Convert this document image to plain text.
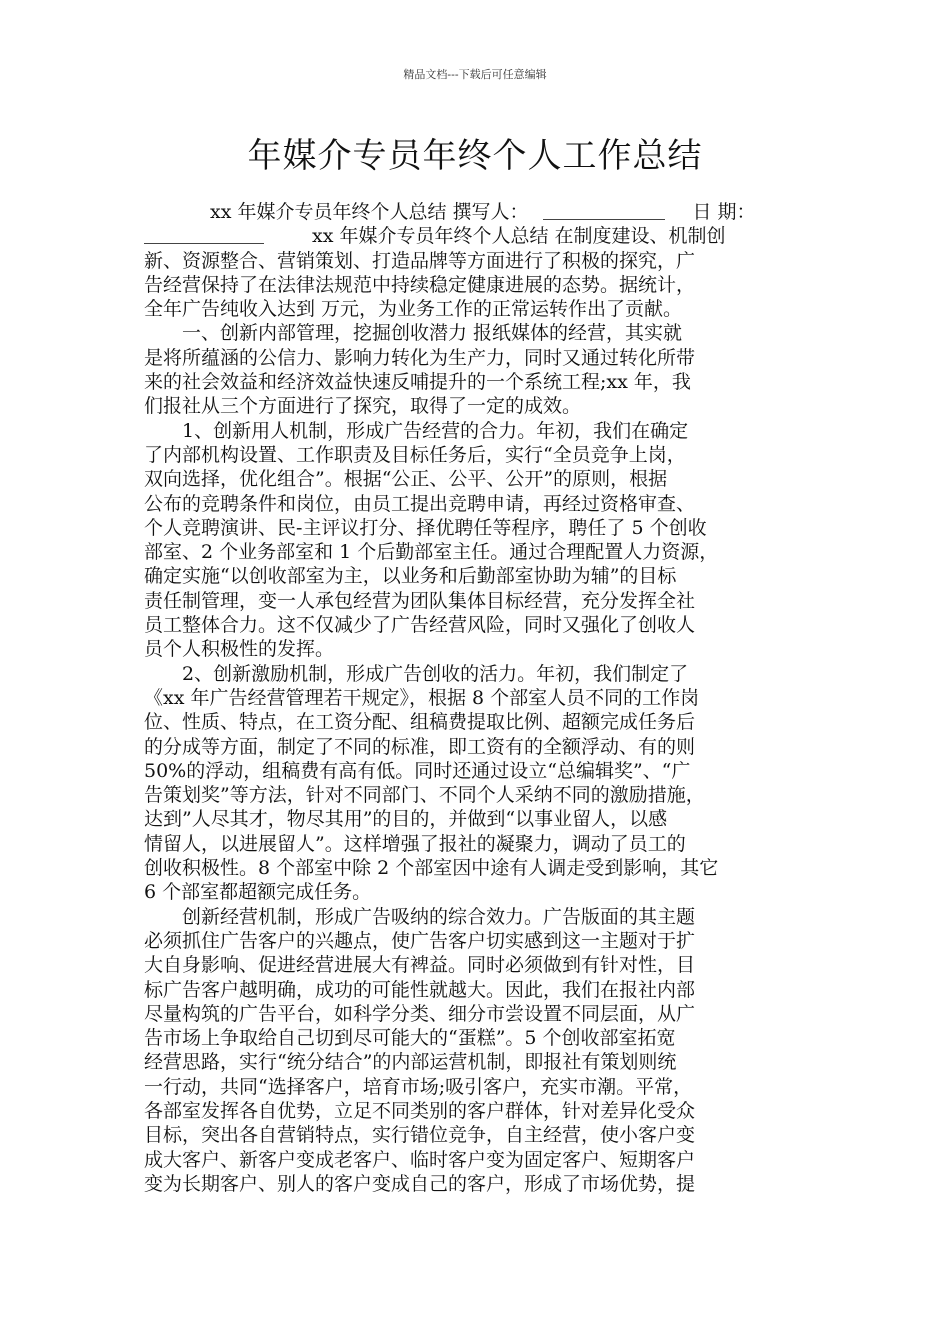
精品文档---下载后可任意编辑
年媒介专员年终个人工作总结
xx 年媒介专员年终个人总结 撰写人：	日 期：
xx 年媒介专员年终个人总结 在制度建设、机制创
新、资源整合、营销策划、打造品牌等方面进行了积极的探究，广
告经营保持了在法律法规范中持续稳定健康进展的态势。据统计，
全年广告纯收入达到 万元，为业务工作的正常运转作出了贡献。
　　一、创新内部管理，挖掘创收潜力 报纸媒体的经营，其实就
是将所蕴涵的公信力、影响力转化为生产力，同时又通过转化所带
来的社会效益和经济效益快速反哺提升的一个系统工程;xx 年，我
们报社从三个方面进行了探究，取得了一定的成效。
　　1、创新用人机制，形成广告经营的合力。年初，我们在确定
了内部机构设置、工作职责及目标任务后，实行“全员竞争上岗，
双向选择，优化组合”。根据“公正、公平、公开”的原则，根据
公布的竞聘条件和岗位，由员工提出竞聘申请，再经过资格审查、
个人竞聘演讲、民-主评议打分、择优聘任等程序，聘任了 5 个创收
部室、2 个业务部室和 1 个后勤部室主任。通过合理配置人力资源，
确定实施“以创收部室为主，以业务和后勤部室协助为辅”的目标
责任制管理，变一人承包经营为团队集体目标经营，充分发挥全社
员工整体合力。这不仅减少了广告经营风险，同时又强化了创收人
员个人积极性的发挥。
　　2、创新激励机制，形成广告创收的活力。年初，我们制定了
《xx 年广告经营管理若干规定》，根据 8 个部室人员不同的工作岗
位、性质、特点，在工资分配、组稿费提取比例、超额完成任务后
的分成等方面，制定了不同的标准，即工资有的全额浮动、有的则
50%的浮动，组稿费有高有低。同时还通过设立“总编辑奖”、“广
告策划奖”等方法，针对不同部门、不同个人采纳不同的激励措施，
达到”人尽其才，物尽其用”的目的，并做到“以事业留人，以感
情留人，以进展留人”。这样增强了报社的凝聚力，调动了员工的
创收积极性。8 个部室中除 2 个部室因中途有人调走受到影响，其它
6 个部室都超额完成任务。
　　创新经营机制，形成广告吸纳的综合效力。广告版面的其主题
必须抓住广告客户的兴趣点，使广告客户切实感到这一主题对于扩
大自身影响、促进经营进展大有裨益。同时必须做到有针对性，目
标广告客户越明确，成功的可能性就越大。因此，我们在报社内部
尽量构筑的广告平台，如科学分类、细分市尝设置不同层面，从广
告市场上争取给自己切到尽可能大的“蛋糕”。5 个创收部室拓宽
经营思路，实行“统分结合”的内部运营机制，即报社有策划则统
一行动，共同“选择客户，培育市场;吸引客户，充实市潮。平常，
各部室发挥各自优势，立足不同类别的客户群体，针对差异化受众
目标，突出各自营销特点，实行错位竞争，自主经营，使小客户变
成大客户、新客户变成老客户、临时客户变为固定客户、短期客户
变为长期客户、别人的客户变成自己的客户，形成了市场优势，提
